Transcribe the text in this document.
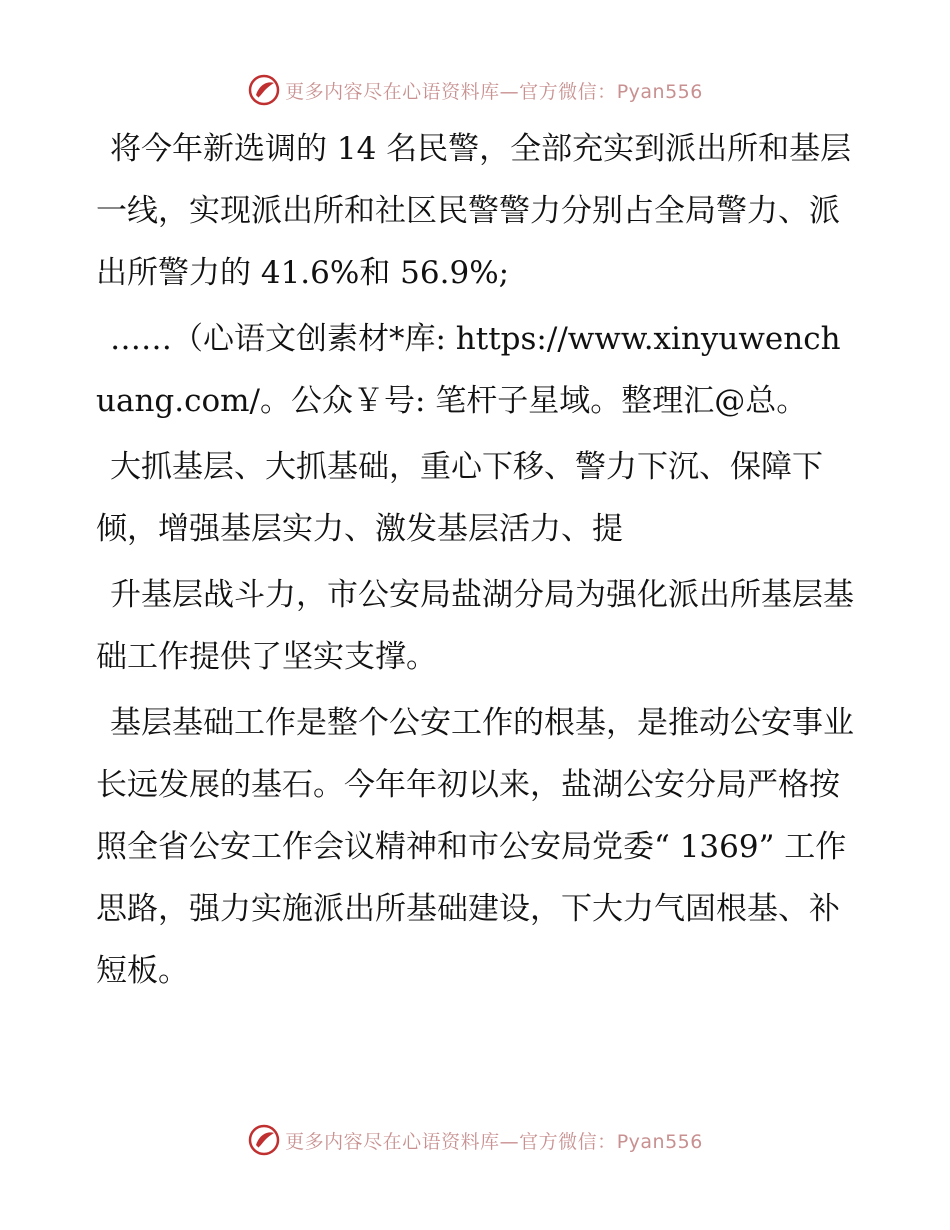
更多内容尽在心语资料库—官方微信：Pyan556

将今年新选调的 14 名民警，全部充实到派出所和基层一线，实现派出所和社区民警警力分别占全局警力、派出所警力的 41.6%和 56.9%;

……（心语文创素材*库: https://www.xinyuwenchuang.com/。公众￥号: 笔杆子星域。整理汇@总。

大抓基层、大抓基础，重心下移、警力下沉、保障下倾，增强基层实力、激发基层活力、提

升基层战斗力，市公安局盐湖分局为强化派出所基层基础工作提供了坚实支撑。

基层基础工作是整个公安工作的根基，是推动公安事业长远发展的基石。今年年初以来，盐湖公安分局严格按照全省公安工作会议精神和市公安局党委“ 1369” 工作思路，强力实施派出所基础建设，下大力气固根基、补短板。

更多内容尽在心语资料库—官方微信：Pyan556
